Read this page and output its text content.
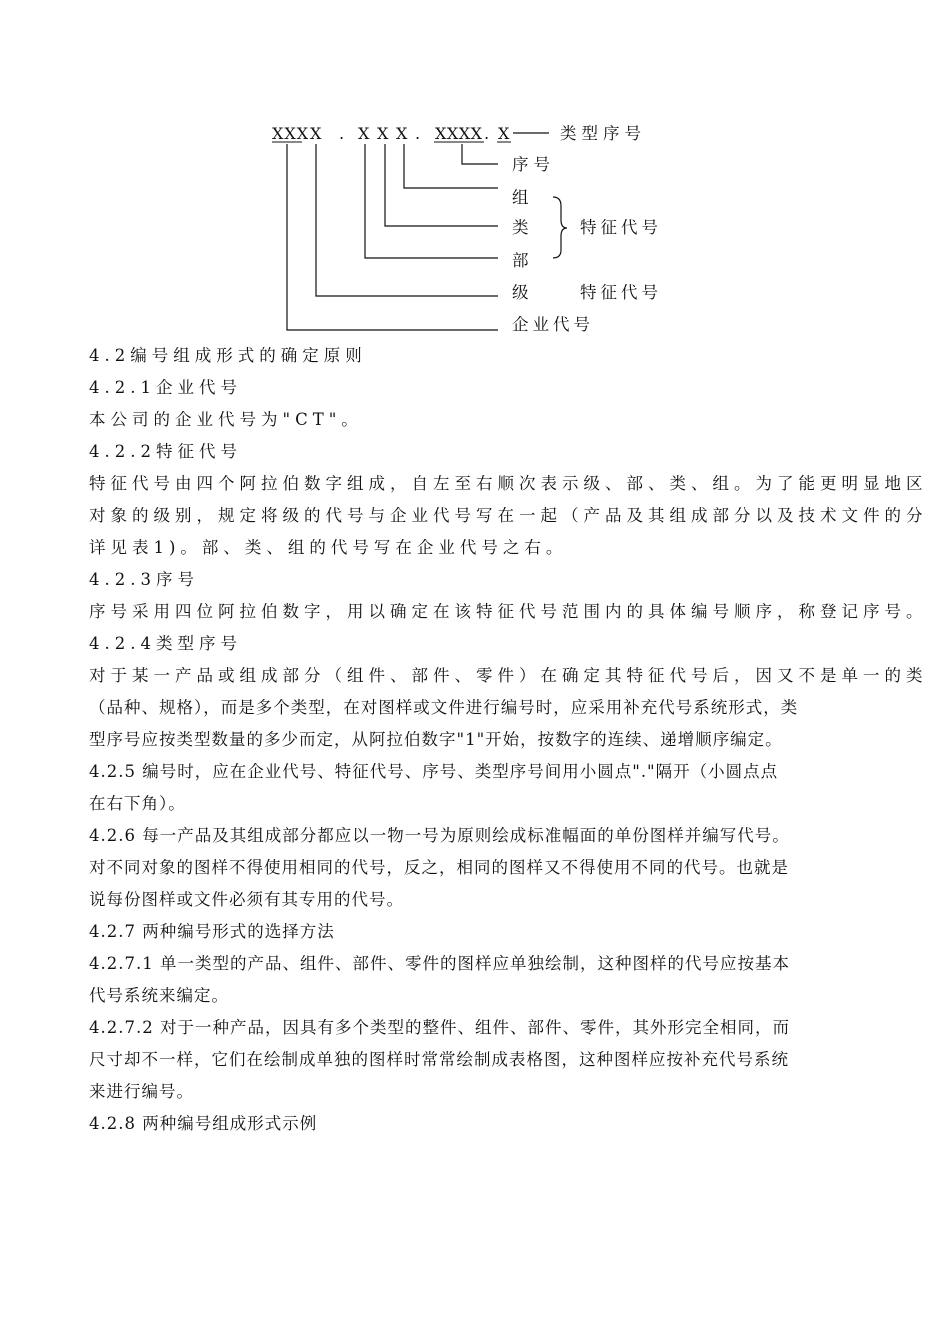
XXX X . X X X . XXXX . X	类型序号
序号
组
类
部
级
特征代号
特征代号
企业代号
4.2编号组成形式的确定原则
4.2.1企业代号
本公司的企业代号为"CT"。
4.2.2特征代号
特征代号由四个阿拉伯数字组成，自左至右顺次表示级、部、类、组。为了能更明显地区
对象的级别，规定将级的代号与企业代号写在一起（产品及其组成部分以及技术文件的分
详见表1)。部、类、组的代号写在企业代号之右。
4.2.3序号
序号采用四位阿拉伯数字，用以确定在该特征代号范围内的具体编号顺序，称登记序号。
4.2.4类型序号
对于某一产品或组成部分（组件、部件、零件）在确定其特征代号后，因又不是单一的类
（品种、规格），而是多个类型，在对图样或文件进行编号时，应采用补充代号系统形式，类
型序号应按类型数量的多少而定，从阿拉伯数字"1"开始，按数字的连续、递增顺序编定。
4.2.5 编号时，应在企业代号、特征代号、序号、类型序号间用小圆点"."隔开（小圆点点
在右下角）。
4.2.6 每一产品及其组成部分都应以一物一号为原则绘成标准幅面的单份图样并编写代号。
对不同对象的图样不得使用相同的代号，反之，相同的图样又不得使用不同的代号。也就是
说每份图样或文件必须有其专用的代号。
4.2.7 两种编号形式的选择方法
4.2.7.1 单一类型的产品、组件、部件、零件的图样应单独绘制，这种图样的代号应按基本
代号系统来编定。
4.2.7.2 对于一种产品，因具有多个类型的整件、组件、部件、零件，其外形完全相同，而
尺寸却不一样，它们在绘制成单独的图样时常常绘制成表格图，这种图样应按补充代号系统
来进行编号。
4.2.8 两种编号组成形式示例
